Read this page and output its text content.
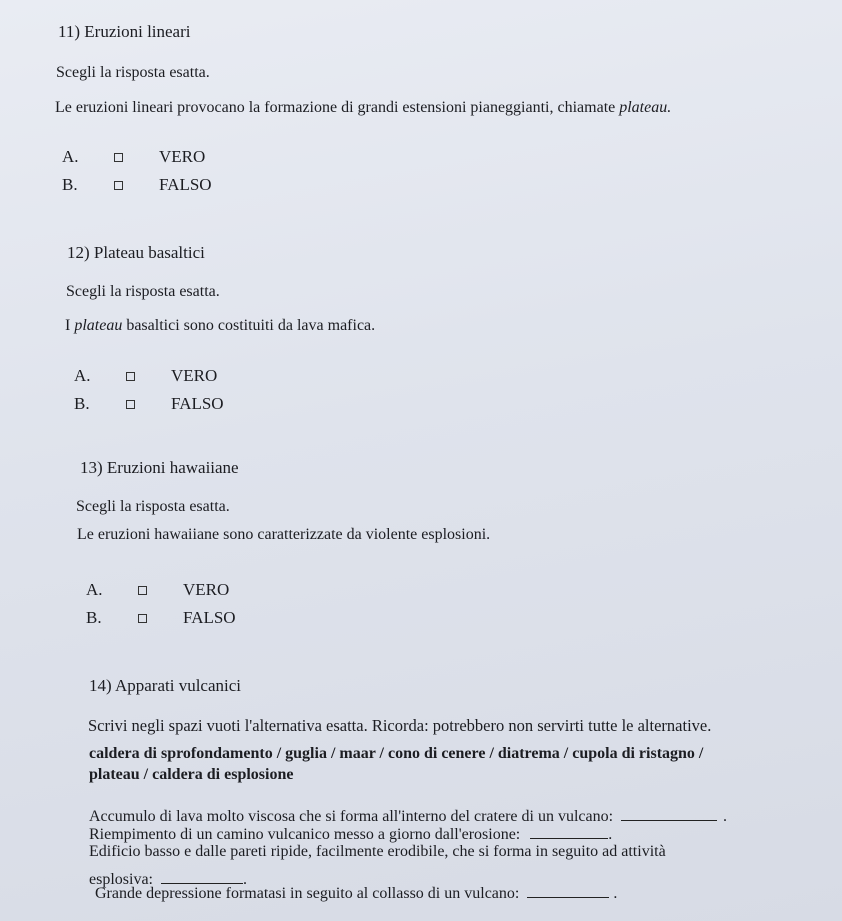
11) Eruzioni lineari
Scegli la risposta esatta.
Le eruzioni lineari provocano la formazione di grandi estensioni pianeggianti, chiamate plateau.
A.	VERO
B.	FALSO
12) Plateau basaltici
Scegli la risposta esatta.
I plateau basaltici sono costituiti da lava mafica.
A.	VERO
B.	FALSO
13) Eruzioni hawaiiane
Scegli la risposta esatta.
Le eruzioni hawaiiane sono caratterizzate da violente esplosioni.
A.	VERO
B.	FALSO
14) Apparati vulcanici
Scrivi negli spazi vuoti l'alternativa esatta. Ricorda: potrebbero non servirti tutte le alternative.
caldera di sprofondamento / guglia / maar / cono di cenere / diatrema / cupola di ristagno /
plateau / caldera di esplosione
Accumulo di lava molto viscosa che si forma all'interno del cratere di un vulcano:	.
Riempimento di un camino vulcanico messo a giorno dall'erosione:	.
Edificio basso e dalle pareti ripide, facilmente erodibile, che si forma in seguito ad attività
esplosiva:	.
Grande depressione formatasi in seguito al collasso di un vulcano:	.
